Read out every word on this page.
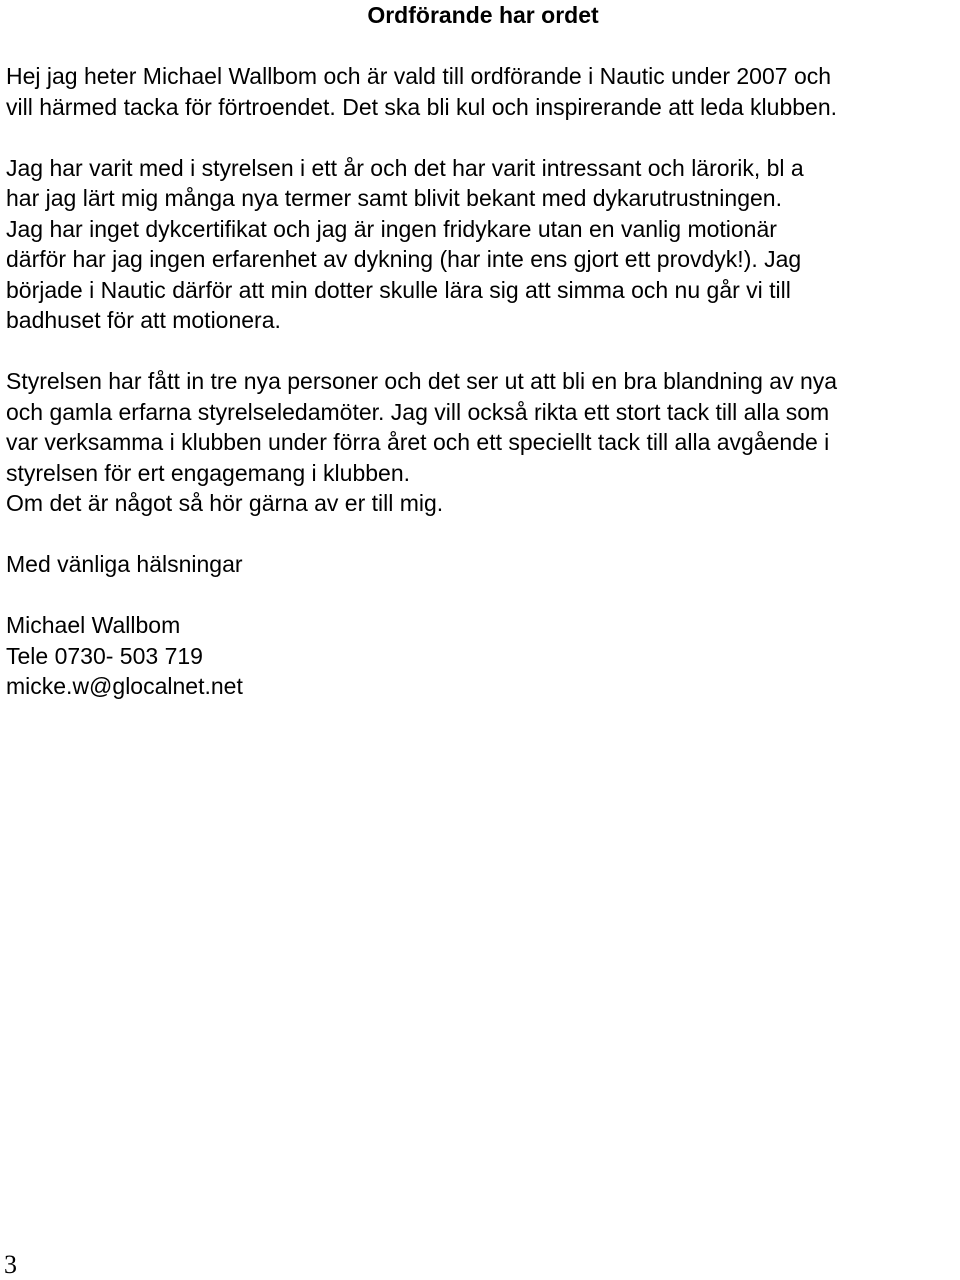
Ordförande har ordet

Hej jag heter Michael Wallbom och är vald till ordförande i Nautic under 2007 och

vill härmed tacka för förtroendet. Det ska bli kul och inspirerande att leda klubben.

Jag har varit med i styrelsen i ett år och det har varit intressant och lärorik, bl a

har jag lärt mig många nya termer samt blivit bekant med dykarutrustningen.

Jag har inget dykcertifikat och jag är ingen fridykare utan en vanlig motionär

därför har jag ingen erfarenhet av dykning (har inte ens gjort ett provdyk!). Jag

började i Nautic därför att min dotter skulle lära sig att simma och nu går vi till

badhuset för att motionera.

Styrelsen har fått in tre nya personer och det ser ut att bli en bra blandning av nya

och gamla erfarna styrelseledamöter. Jag vill också rikta ett stort tack till alla som

var verksamma i klubben under förra året och ett speciellt tack till alla avgående i

styrelsen för ert engagemang i klubben.

Om det är något så hör gärna av er till mig.

Med vänliga hälsningar

Michael Wallbom

Tele 0730- 503 719

micke.w@glocalnet.net

3
